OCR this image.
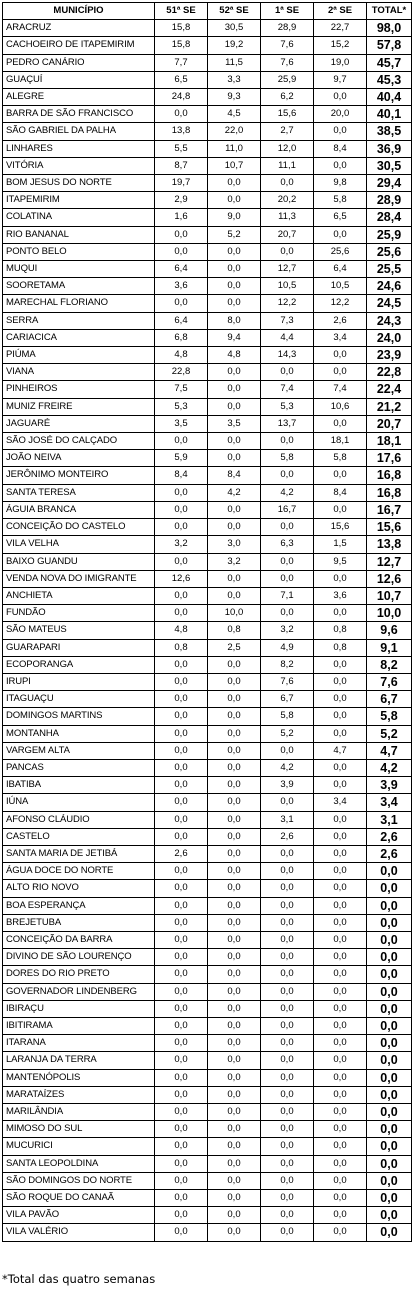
MUNICÍPIO	51ª SE	52ª SE	1ª SE	2ª SE	TOTAL*
ARACRUZ	15,8	30,5	28,9	22,7	98,0
CACHOEIRO DE ITAPEMIRIM	15,8	19,2	7,6	15,2	57,8
PEDRO CANÁRIO	7,7	11,5	7,6	19,0	45,7
GUAÇUÍ	6,5	3,3	25,9	9,7	45,3
ALEGRE	24,8	9,3	6,2	0,0	40,4
BARRA DE SÃO FRANCISCO	0,0	4,5	15,6	20,0	40,1
SÃO GABRIEL DA PALHA	13,8	22,0	2,7	0,0	38,5
LINHARES	5,5	11,0	12,0	8,4	36,9
VITÓRIA	8,7	10,7	11,1	0,0	30,5
BOM JESUS DO NORTE	19,7	0,0	0,0	9,8	29,4
ITAPEMIRIM	2,9	0,0	20,2	5,8	28,9
COLATINA	1,6	9,0	11,3	6,5	28,4
RIO BANANAL	0,0	5,2	20,7	0,0	25,9
PONTO BELO	0,0	0,0	0,0	25,6	25,6
MUQUI	6,4	0,0	12,7	6,4	25,5
SOORETAMA	3,6	0,0	10,5	10,5	24,6
MARECHAL FLORIANO	0,0	0,0	12,2	12,2	24,5
SERRA	6,4	8,0	7,3	2,6	24,3
CARIACICA	6,8	9,4	4,4	3,4	24,0
PIÚMA	4,8	4,8	14,3	0,0	23,9
VIANA	22,8	0,0	0,0	0,0	22,8
PINHEIROS	7,5	0,0	7,4	7,4	22,4
MUNIZ FREIRE	5,3	0,0	5,3	10,6	21,2
JAGUARÉ	3,5	3,5	13,7	0,0	20,7
SÃO JOSÉ DO CALÇADO	0,0	0,0	0,0	18,1	18,1
JOÃO NEIVA	5,9	0,0	5,8	5,8	17,6
JERÔNIMO MONTEIRO	8,4	8,4	0,0	0,0	16,8
SANTA TERESA	0,0	4,2	4,2	8,4	16,8
ÁGUIA BRANCA	0,0	0,0	16,7	0,0	16,7
CONCEIÇÃO DO CASTELO	0,0	0,0	0,0	15,6	15,6
VILA VELHA	3,2	3,0	6,3	1,5	13,8
BAIXO GUANDU	0,0	3,2	0,0	9,5	12,7
VENDA NOVA DO IMIGRANTE	12,6	0,0	0,0	0,0	12,6
ANCHIETA	0,0	0,0	7,1	3,6	10,7
FUNDÃO	0,0	10,0	0,0	0,0	10,0
SÃO MATEUS	4,8	0,8	3,2	0,8	9,6
GUARAPARI	0,8	2,5	4,9	0,8	9,1
ECOPORANGA	0,0	0,0	8,2	0,0	8,2
IRUPI	0,0	0,0	7,6	0,0	7,6
ITAGUAÇU	0,0	0,0	6,7	0,0	6,7
DOMINGOS MARTINS	0,0	0,0	5,8	0,0	5,8
MONTANHA	0,0	0,0	5,2	0,0	5,2
VARGEM ALTA	0,0	0,0	0,0	4,7	4,7
PANCAS	0,0	0,0	4,2	0,0	4,2
IBATIBA	0,0	0,0	3,9	0,0	3,9
IÚNA	0,0	0,0	0,0	3,4	3,4
AFONSO CLÁUDIO	0,0	0,0	3,1	0,0	3,1
CASTELO	0,0	0,0	2,6	0,0	2,6
SANTA MARIA DE JETIBÁ	2,6	0,0	0,0	0,0	2,6
ÁGUA DOCE DO NORTE	0,0	0,0	0,0	0,0	0,0
ALTO RIO NOVO	0,0	0,0	0,0	0,0	0,0
BOA ESPERANÇA	0,0	0,0	0,0	0,0	0,0
BREJETUBA	0,0	0,0	0,0	0,0	0,0
CONCEIÇÃO DA BARRA	0,0	0,0	0,0	0,0	0,0
DIVINO DE SÃO LOURENÇO	0,0	0,0	0,0	0,0	0,0
DORES DO RIO PRETO	0,0	0,0	0,0	0,0	0,0
GOVERNADOR LINDENBERG	0,0	0,0	0,0	0,0	0,0
IBIRAÇU	0,0	0,0	0,0	0,0	0,0
IBITIRAMA	0,0	0,0	0,0	0,0	0,0
ITARANA	0,0	0,0	0,0	0,0	0,0
LARANJA DA TERRA	0,0	0,0	0,0	0,0	0,0
MANTENÓPOLIS	0,0	0,0	0,0	0,0	0,0
MARATAÍZES	0,0	0,0	0,0	0,0	0,0
MARILÂNDIA	0,0	0,0	0,0	0,0	0,0
MIMOSO DO SUL	0,0	0,0	0,0	0,0	0,0
MUCURICI	0,0	0,0	0,0	0,0	0,0
SANTA LEOPOLDINA	0,0	0,0	0,0	0,0	0,0
SÃO DOMINGOS DO NORTE	0,0	0,0	0,0	0,0	0,0
SÃO ROQUE DO CANAÃ	0,0	0,0	0,0	0,0	0,0
VILA PAVÃO	0,0	0,0	0,0	0,0	0,0
VILA VALÉRIO	0,0	0,0	0,0	0,0	0,0
*Total das quatro semanas
